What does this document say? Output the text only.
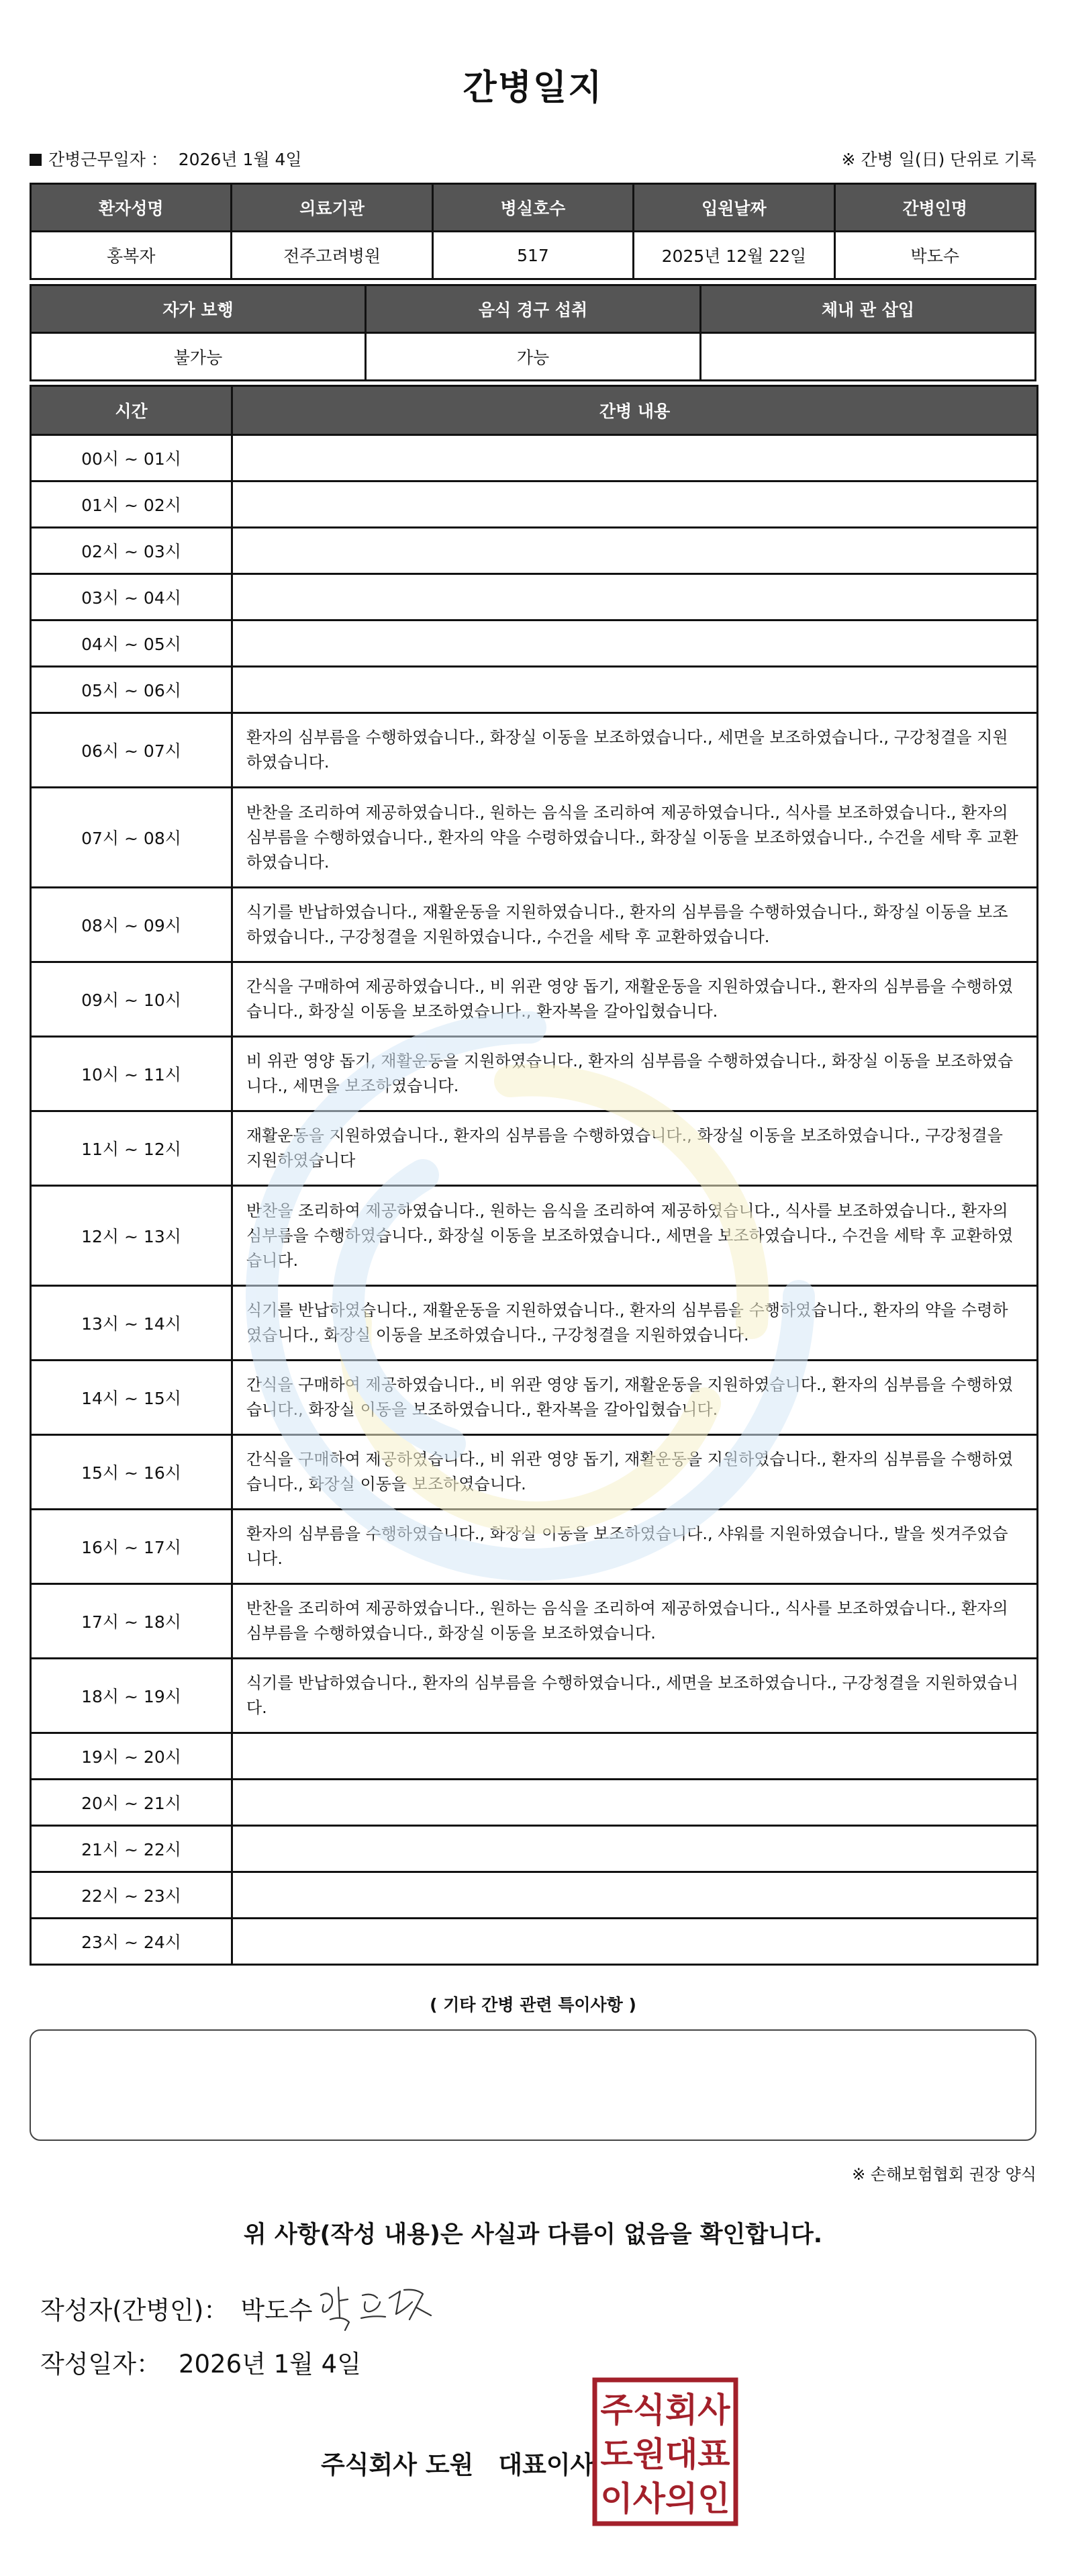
간병일지
간병근무일자 ： 2026년 1월 4일	※ 간병 일(日) 단위로 기록
환자성명	의료기관	병실호수	입원날짜	간병인명
홍복자	전주고려병원	517	2025년 12월 22일	박도수
자가 보행	음식 경구 섭취	체내 관 삽입
불가능	가능	
시간	간병 내용
00시 ~ 01시	
01시 ~ 02시	
02시 ~ 03시	
03시 ~ 04시	
04시 ~ 05시	
05시 ~ 06시	
06시 ~ 07시	환자의 심부름을 수행하였습니다., 화장실 이동을 보조하였습니다., 세면을 보조하였습니다., 구강청결을 지원하였습니다.
07시 ~ 08시	반찬을 조리하여 제공하였습니다., 원하는 음식을 조리하여 제공하였습니다., 식사를 보조하였습니다., 환자의 심부름을 수행하였습니다., 환자의 약을 수령하였습니다., 화장실 이동을 보조하였습니다., 수건을 세탁 후 교환하였습니다.
08시 ~ 09시	식기를 반납하였습니다., 재활운동을 지원하였습니다., 환자의 심부름을 수행하였습니다., 화장실 이동을 보조하였습니다., 구강청결을 지원하였습니다., 수건을 세탁 후 교환하였습니다.
09시 ~ 10시	간식을 구매하여 제공하였습니다., 비 위관 영양 돕기, 재활운동을 지원하였습니다., 환자의 심부름을 수행하였습니다., 화장실 이동을 보조하였습니다., 환자복을 갈아입혔습니다.
10시 ~ 11시	비 위관 영양 돕기, 재활운동을 지원하였습니다., 환자의 심부름을 수행하였습니다., 화장실 이동을 보조하였습니다., 세면을 보조하였습니다.
11시 ~ 12시	재활운동을 지원하였습니다., 환자의 심부름을 수행하였습니다., 화장실 이동을 보조하였습니다., 구강청결을 지원하였습니다
12시 ~ 13시	반찬을 조리하여 제공하였습니다., 원하는 음식을 조리하여 제공하였습니다., 식사를 보조하였습니다., 환자의 심부름을 수행하였습니다., 화장실 이동을 보조하였습니다., 세면을 보조하였습니다., 수건을 세탁 후 교환하였습니다.
13시 ~ 14시	식기를 반납하였습니다., 재활운동을 지원하였습니다., 환자의 심부름을 수행하였습니다., 환자의 약을 수령하였습니다., 화장실 이동을 보조하였습니다., 구강청결을 지원하였습니다.
14시 ~ 15시	간식을 구매하여 제공하였습니다., 비 위관 영양 돕기, 재활운동을 지원하였습니다., 환자의 심부름을 수행하였습니다., 화장실 이동을 보조하였습니다., 환자복을 갈아입혔습니다.
15시 ~ 16시	간식을 구매하여 제공하였습니다., 비 위관 영양 돕기, 재활운동을 지원하였습니다., 환자의 심부름을 수행하였습니다., 화장실 이동을 보조하였습니다.
16시 ~ 17시	환자의 심부름을 수행하였습니다., 화장실 이동을 보조하였습니다., 샤워를 지원하였습니다., 발을 씻겨주었습니다.
17시 ~ 18시	반찬을 조리하여 제공하였습니다., 원하는 음식을 조리하여 제공하였습니다., 식사를 보조하였습니다., 환자의 심부름을 수행하였습니다., 화장실 이동을 보조하였습니다.
18시 ~ 19시	식기를 반납하였습니다., 환자의 심부름을 수행하였습니다., 세면을 보조하였습니다., 구강청결을 지원하였습니다.
19시 ~ 20시	
20시 ~ 21시	
21시 ~ 22시	
22시 ~ 23시	
23시 ~ 24시	
( 기타 간병 관련 특이사항 )
※ 손해보험협회 권장 양식
위 사항(작성 내용)은 사실과 다름이 없음을 확인합니다.
작성자(간병인)： 박도수
작성일자： 2026년 1월 4일
주식회사 도원　대표이사
주식회사
도원대표
이사의인
